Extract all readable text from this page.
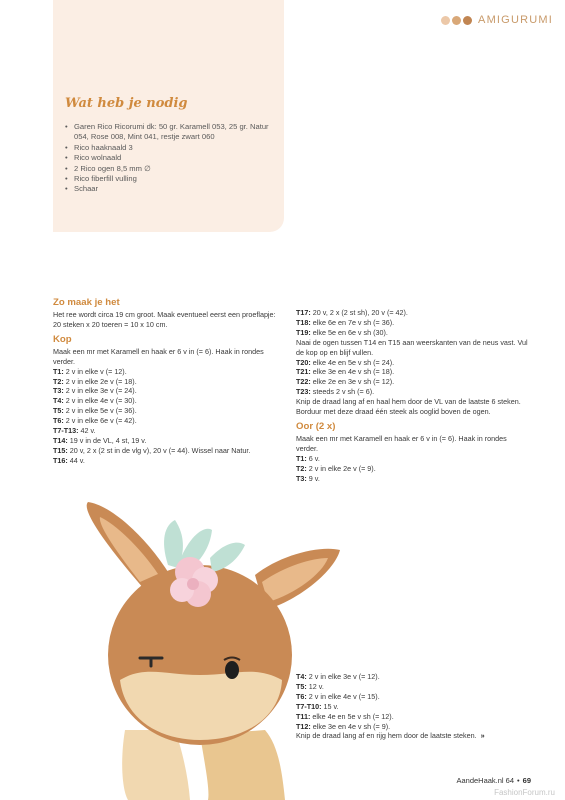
AMIGURUMI
Wat heb je nodig
• Garen Rico Ricorumi dk: 50 gr. Karamell 053, 25 gr. Natur 054, Rose 008, Mint 041, restje zwart 060
• Rico haaknaald 3
• Rico wolnaald
• 2 Rico ogen 8,5 mm ∅
• Rico fiberfill vulling
• Schaar
Zo maak je het

Het ree wordt circa 19 cm groot. Maak eventueel eerst een proeflapje: 20 steken x 20 toeren = 10 x 10 cm.

Kop

Maak een mr met Karamell en haak er 6 v in (= 6). Haak in rondes verder.

T1: 2 v in elke v (= 12).

T2: 2 v in elke 2e v (= 18).

T3: 2 v in elke 3e v (= 24).

T4: 2 v in elke 4e v (= 30).

T5: 2 v in elke 5e v (= 36).

T6: 2 v in elke 6e v (= 42).

T7-T13: 42 v.

T14: 19 v in de VL, 4 st, 19 v.

T15: 20 v, 2 x (2 st in de vlg v), 20 v (= 44). Wissel naar Natur.

T16: 44 v.

T17: 20 v, 2 x (2 st sh), 20 v (= 42).

T18: elke 6e en 7e v sh (= 36).

T19: elke 5e en 6e v sh (30).

Naai de ogen tussen T14 en T15 aan weerskanten van de neus vast. Vul de kop op en blijf vullen.

T20: elke 4e en 5e v sh (= 24).

T21: elke 3e en 4e v sh (= 18).

T22: elke 2e en 3e v sh (= 12).

T23: steeds 2 v sh (= 6).

Knip de draad lang af en haal hem door de VL van de laatste 6 steken. Borduur met deze draad één steek als ooglid boven de ogen.

Oor (2 x)

Maak een mr met Karamell en haak er 6 v in (= 6). Haak in rondes verder.

T1: 6 v.

T2: 2 v in elke 2e v (= 9).

T3: 9 v.

T4: 2 v in elke 3e v (= 12).

T5: 12 v.

T6: 2 v in elke 4e v (= 15).

T7-T10: 15 v.

T11: elke 4e en 5e v sh (= 12).

T12: elke 3e en 4e v sh (= 9).

Knip de draad lang af en rijg hem door de laatste steken. »

AandeHaak.nl 64 • 69
FashionForum.ru
